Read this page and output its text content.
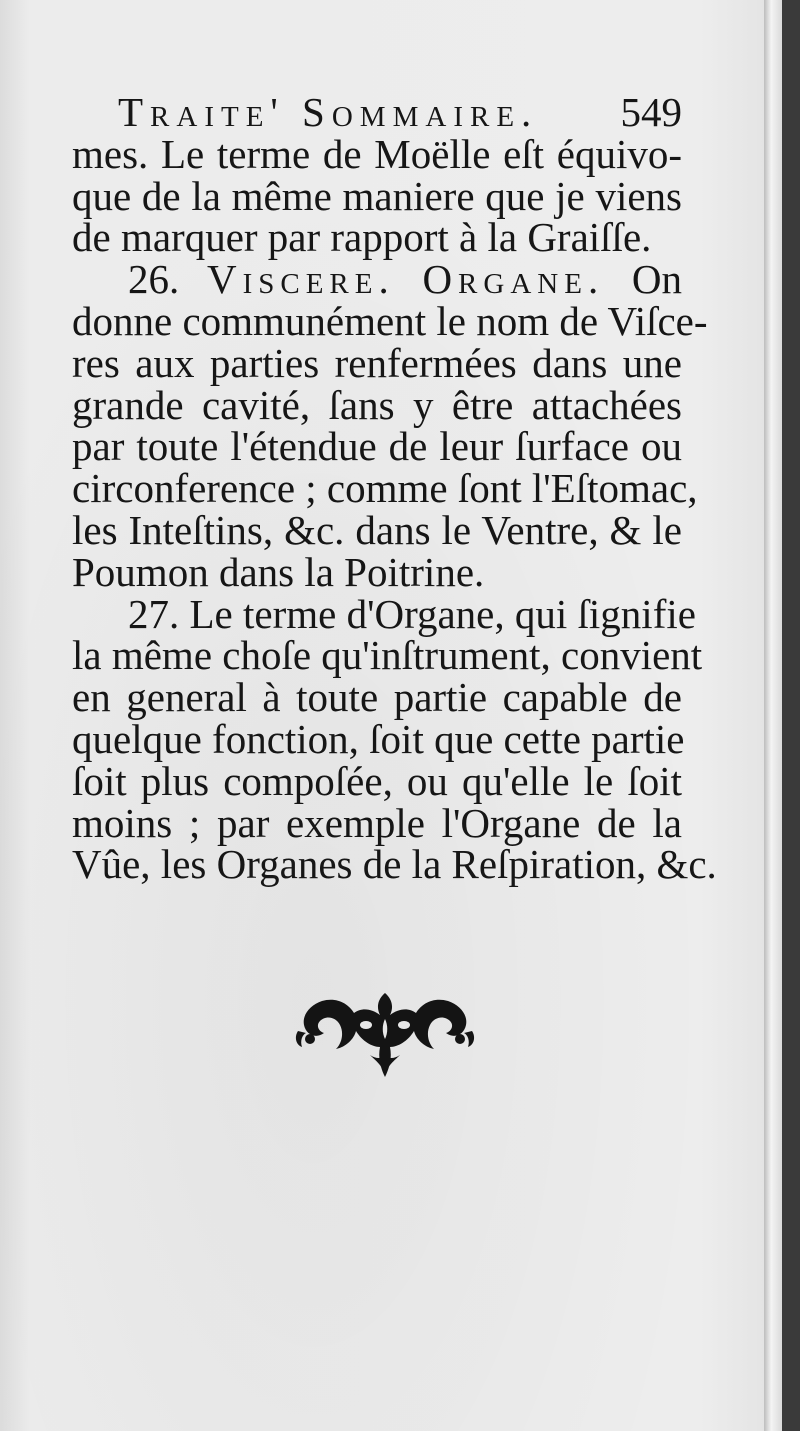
Traite' Sommaire. 549
mes. Le terme de Moëlle eſt équivo-
que de la même maniere que je viens
de marquer par rapport à la Graiſſe.
26. Viscere. Organe. On
donne communément le nom de Viſce-
res aux parties renfermées dans une
grande cavité, ſans y être attachées
par toute l'étendue de leur ſurface ou
circonference ; comme ſont l'Eſtomac,
les Inteſtins, &c. dans le Ventre, & le
Poumon dans la Poitrine.
27. Le terme d'Organe, qui ſignifie
la même choſe qu'inſtrument, convient
en general à toute partie capable de
quelque fonction, ſoit que cette partie
ſoit plus compoſée, ou qu'elle le ſoit
moins ; par exemple l'Organe de la
Vûe, les Organes de la Reſpiration, &c.
